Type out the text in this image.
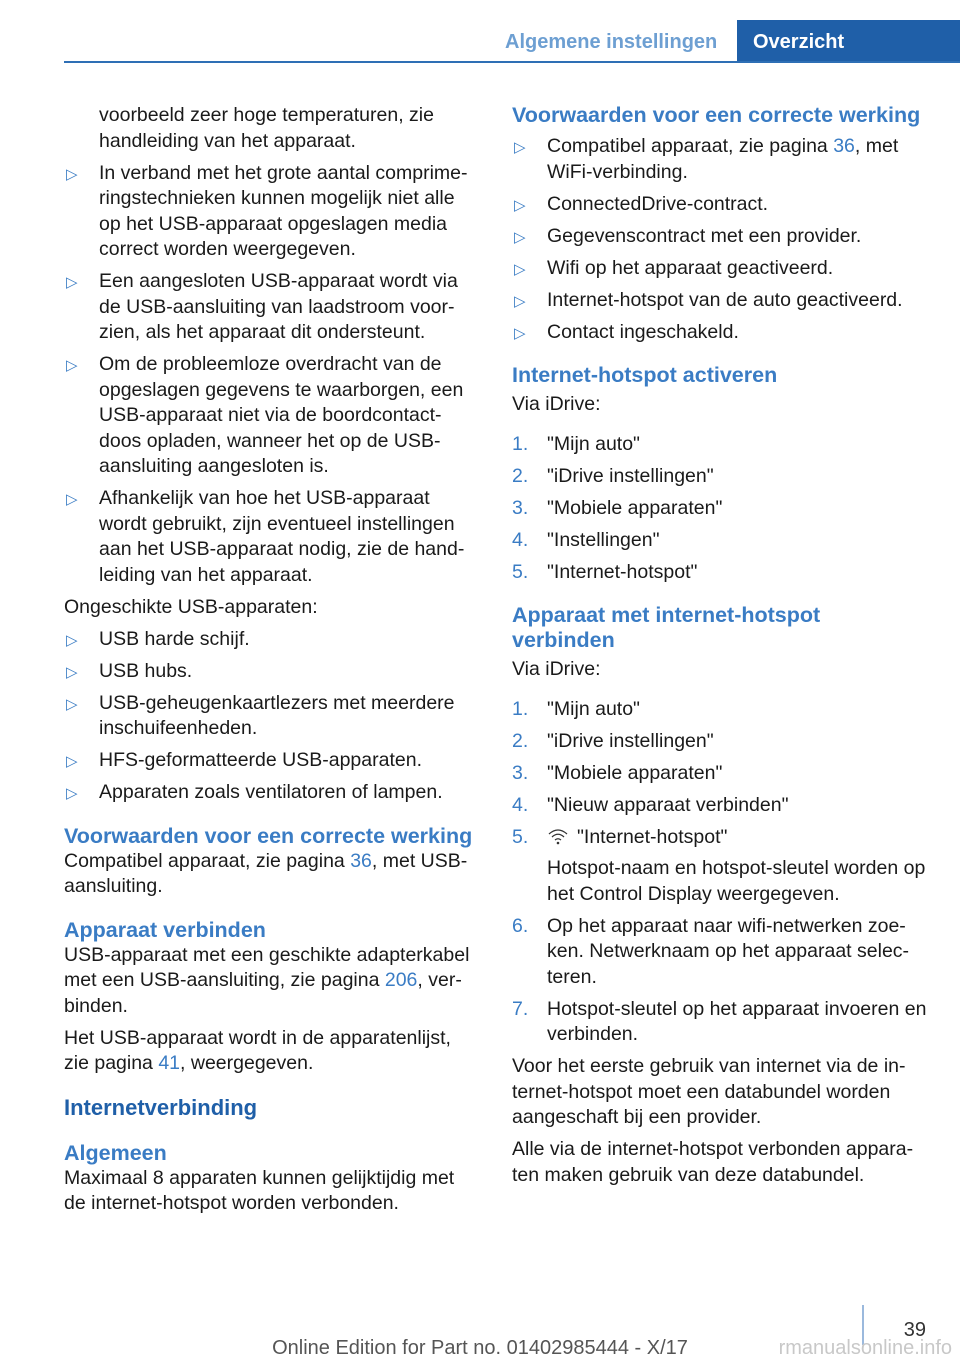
Algemene instellingen	Overzicht
voorbeeld zeer hoge temperaturen, zie handleiding van het apparaat.
▷ In verband met het grote aantal comprime-ringstechnieken kunnen mogelijk niet alle op het USB-apparaat opgeslagen media correct worden weergegeven.
▷ Een aangesloten USB-apparaat wordt via de USB-aansluiting van laadstroom voor-zien, als het apparaat dit ondersteunt.
▷ Om de probleemloze overdracht van de opgeslagen gegevens te waarborgen, een USB-apparaat niet via de boordcontact-doos opladen, wanneer het op de USB-aansluiting aangesloten is.
▷ Afhankelijk van hoe het USB-apparaat wordt gebruikt, zijn eventueel instellingen aan het USB-apparaat nodig, zie de hand-leiding van het apparaat.

Ongeschikte USB-apparaten:

▷ USB harde schijf.
▷ USB hubs.
▷ USB-geheugenkaartlezers met meerdere inschuifeenheden.
▷ HFS-geformatteerde USB-apparaten.
▷ Apparaten zoals ventilatoren of lampen.
Voorwaarden voor een correcte werking

Compatibel apparaat, zie pagina 36, met USB-aansluiting.

Apparaat verbinden

USB-apparaat met een geschikte adapterkabel met een USB-aansluiting, zie pagina 206, ver-binden.

Het USB-apparaat wordt in de apparatenlijst, zie pagina 41, weergegeven.

Internetverbinding
Algemeen

Maximaal 8 apparaten kunnen gelijktijdig met de internet-hotspot worden verbonden.

Voorwaarden voor een correcte werking
▷ Compatibel apparaat, zie pagina 36, met WiFi-verbinding.
▷ ConnectedDrive-contract.
▷ Gegevenscontract met een provider.
▷ Wifi op het apparaat geactiveerd.
▷ Internet-hotspot van de auto geactiveerd.
▷ Contact ingeschakeld.
Internet-hotspot activeren

Via iDrive:

1. "Mijn auto"
2. "iDrive instellingen"
3. "Mobiele apparaten"
4. "Instellingen"
5. "Internet-hotspot"
Apparaat met internet-hotspot verbinden

Via iDrive:

1. "Mijn auto"
2. "iDrive instellingen"
3. "Mobiele apparaten"
4. "Nieuw apparaat verbinden"
5. "Internet-hotspot"
Hotspot-naam en hotspot-sleutel worden op het Control Display weergegeven.
6. Op het apparaat naar wifi-netwerken zoe-ken. Netwerknaam op het apparaat selec-teren.
7. Hotspot-sleutel op het apparaat invoeren en verbinden.

Voor het eerste gebruik van internet via de in-ternet-hotspot moet een databundel worden aangeschaft bij een provider.

Alle via de internet-hotspot verbonden appara-ten maken gebruik van deze databundel.

39
Online Edition for Part no. 01402985444 - X/17	rmanualsonline.info
